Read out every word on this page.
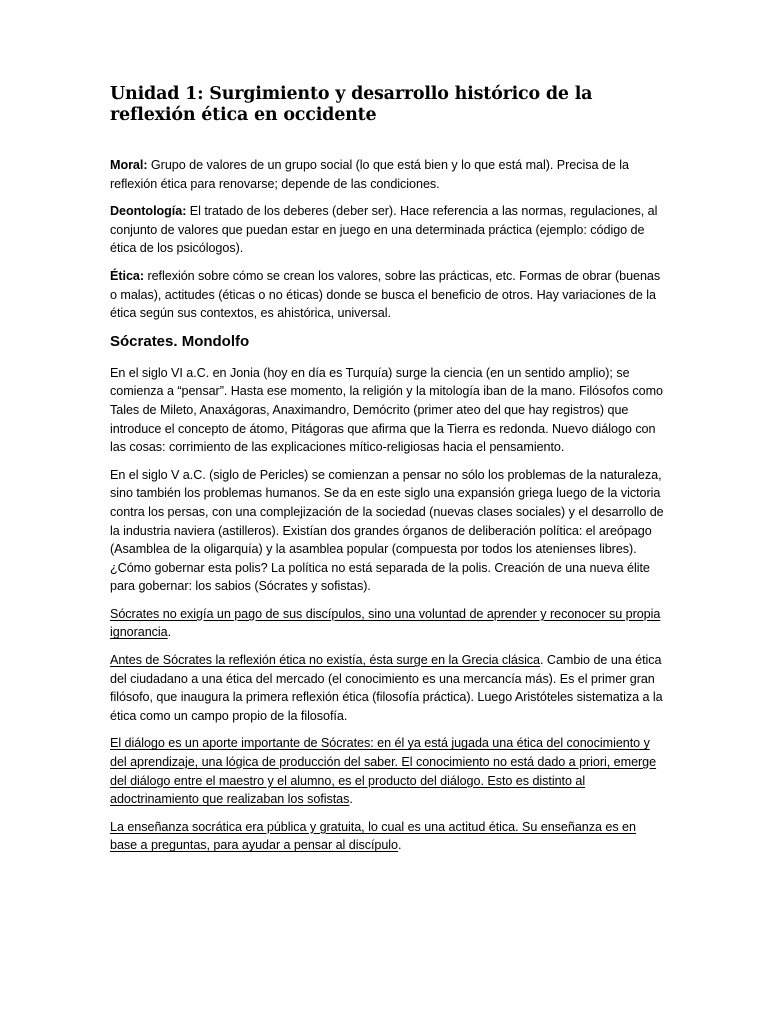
Unidad 1: Surgimiento y desarrollo histórico de la reflexión ética en occidente

Moral: Grupo de valores de un grupo social (lo que está bien y lo que está mal). Precisa de la reflexión ética para renovarse; depende de las condiciones.

Deontología: El tratado de los deberes (deber ser). Hace referencia a las normas, regulaciones, al conjunto de valores que puedan estar en juego en una determinada práctica (ejemplo: código de ética de los psicólogos).

Ética: reflexión sobre cómo se crean los valores, sobre las prácticas, etc. Formas de obrar (buenas o malas), actitudes (éticas o no éticas) donde se busca el beneficio de otros. Hay variaciones de la ética según sus contextos, es ahistórica, universal.

Sócrates. Mondolfo

En el siglo VI a.C. en Jonia (hoy en día es Turquía) surge la ciencia (en un sentido amplio); se comienza a “pensar”. Hasta ese momento, la religión y la mitología iban de la mano. Filósofos como Tales de Mileto, Anaxágoras, Anaximandro, Demócrito (primer ateo del que hay registros) que introduce el concepto de átomo, Pitágoras que afirma que la Tierra es redonda. Nuevo diálogo con las cosas: corrimiento de las explicaciones mítico-religiosas hacia el pensamiento.

En el siglo V a.C. (siglo de Pericles) se comienzan a pensar no sólo los problemas de la naturaleza, sino también los problemas humanos. Se da en este siglo una expansión griega luego de la victoria contra los persas, con una complejización de la sociedad (nuevas clases sociales) y el desarrollo de la industria naviera (astilleros). Existían dos grandes órganos de deliberación política: el areópago (Asamblea de la oligarquía) y la asamblea popular (compuesta por todos los atenienses libres). ¿Cómo gobernar esta polis? La política no está separada de la polis. Creación de una nueva élite para gobernar: los sabios (Sócrates y sofistas).

Sócrates no exigía un pago de sus discípulos, sino una voluntad de aprender y reconocer su propia ignorancia.

Antes de Sócrates la reflexión ética no existía, ésta surge en la Grecia clásica. Cambio de una ética del ciudadano a una ética del mercado (el conocimiento es una mercancía más). Es el primer gran filósofo, que inaugura la primera reflexión ética (filosofía práctica). Luego Aristóteles sistematiza a la ética como un campo propio de la filosofía.

El diálogo es un aporte importante de Sócrates: en él ya está jugada una ética del conocimiento y del aprendizaje, una lógica de producción del saber. El conocimiento no está dado a priori, emerge del diálogo entre el maestro y el alumno, es el producto del diálogo. Esto es distinto al adoctrinamiento que realizaban los sofistas.

La enseñanza socrática era pública y gratuita, lo cual es una actitud ética. Su enseñanza es en base a preguntas, para ayudar a pensar al discípulo.
